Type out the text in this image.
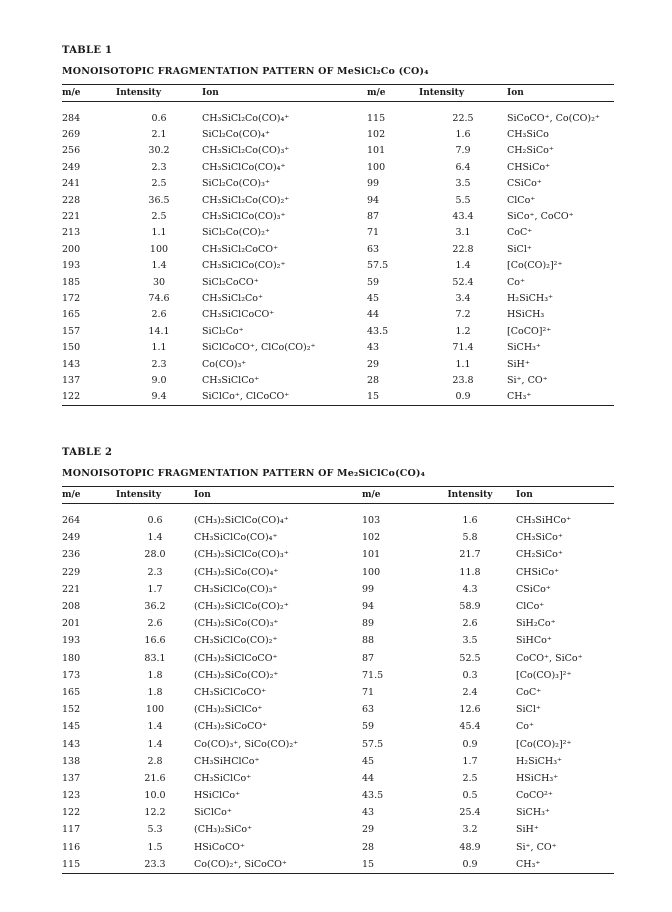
TABLE 1
MONOISOTOPIC FRAGMENTATION PATTERN OF MeSiCl₂Co (CO)₄
m/e	Intensity	Ion	m/e	Intensity	Ion
284	0.6	CH₃SiCl₂Co(CO)₄⁺	115	22.5	SiCoCO⁺, Co(CO)₂⁺
269	2.1	SiCl₂Co(CO)₄⁺	102	1.6	CH₃SiCo
256	30.2	CH₃SiCl₂Co(CO)₃⁺	101	7.9	CH₂SiCo⁺
249	2.3	CH₃SiClCo(CO)₄⁺	100	6.4	CHSiCo⁺
241	2.5	SiCl₂Co(CO)₃⁺	99	3.5	CSiCo⁺
228	36.5	CH₃SiCl₂Co(CO)₂⁺	94	5.5	ClCo⁺
221	2.5	CH₃SiClCo(CO)₃⁺	87	43.4	SiCo⁺, CoCO⁺
213	1.1	SiCl₂Co(CO)₂⁺	71	3.1	CoC⁺
200	100	CH₃SiCl₂CoCO⁺	63	22.8	SiCl⁺
193	1.4	CH₃SiClCo(CO)₂⁺	57.5	1.4	[Co(CO)₂]²⁺
185	30	SiCl₂CoCO⁺	59	52.4	Co⁺
172	74.6	CH₃SiCl₂Co⁺	45	3.4	H₂SiCH₃⁺
165	2.6	CH₃SiClCoCO⁺	44	7.2	HSiCH₃
157	14.1	SiCl₂Co⁺	43.5	1.2	[CoCO]²⁺
150	1.1	SiClCoCO⁺, ClCo(CO)₂⁺	43	71.4	SiCH₃⁺
143	2.3	Co(CO)₃⁺	29	1.1	SiH⁺
137	9.0	CH₃SiClCo⁺	28	23.8	Si⁺, CO⁺
122	9.4	SiClCo⁺, ClCoCO⁺	15	0.9	CH₃⁺
TABLE 2
MONOISOTOPIC FRAGMENTATION PATTERN OF Me₂SiClCo(CO)₄
m/e	Intensity	Ion	m/e	Intensity	Ion
264	0.6	(CH₃)₂SiClCo(CO)₄⁺	103	1.6	CH₃SiHCo⁺
249	1.4	CH₃SiClCo(CO)₄⁺	102	5.8	CH₃SiCo⁺
236	28.0	(CH₃)₂SiClCo(CO)₃⁺	101	21.7	CH₂SiCo⁺
229	2.3	(CH₃)₂SiCo(CO)₄⁺	100	11.8	CHSiCo⁺
221	1.7	CH₃SiClCo(CO)₃⁺	99	4.3	CSiCo⁺
208	36.2	(CH₃)₂SiClCo(CO)₂⁺	94	58.9	ClCo⁺
201	2.6	(CH₃)₂SiCo(CO)₃⁺	89	2.6	SiH₂Co⁺
193	16.6	CH₃SiClCo(CO)₂⁺	88	3.5	SiHCo⁺
180	83.1	(CH₃)₂SiClCoCO⁺	87	52.5	CoCO⁺, SiCo⁺
173	1.8	(CH₃)₂SiCo(CO)₂⁺	71.5	0.3	[Co(CO)₃]²⁺
165	1.8	CH₃SiClCoCO⁺	71	2.4	CoC⁺
152	100	(CH₃)₂SiClCo⁺	63	12.6	SiCl⁺
145	1.4	(CH₃)₂SiCoCO⁺	59	45.4	Co⁺
143	1.4	Co(CO)₃⁺, SiCo(CO)₂⁺	57.5	0.9	[Co(CO)₂]²⁺
138	2.8	CH₃SiHClCo⁺	45	1.7	H₂SiCH₃⁺
137	21.6	CH₃SiClCo⁺	44	2.5	HSiCH₃⁺
123	10.0	HSiClCo⁺	43.5	0.5	CoCO²⁺
122	12.2	SiClCo⁺	43	25.4	SiCH₃⁺
117	5.3	(CH₃)₂SiCo⁺	29	3.2	SiH⁺
116	1.5	HSiCoCO⁺	28	48.9	Si⁺, CO⁺
115	23.3	Co(CO)₂⁺, SiCoCO⁺	15	0.9	CH₃⁺
